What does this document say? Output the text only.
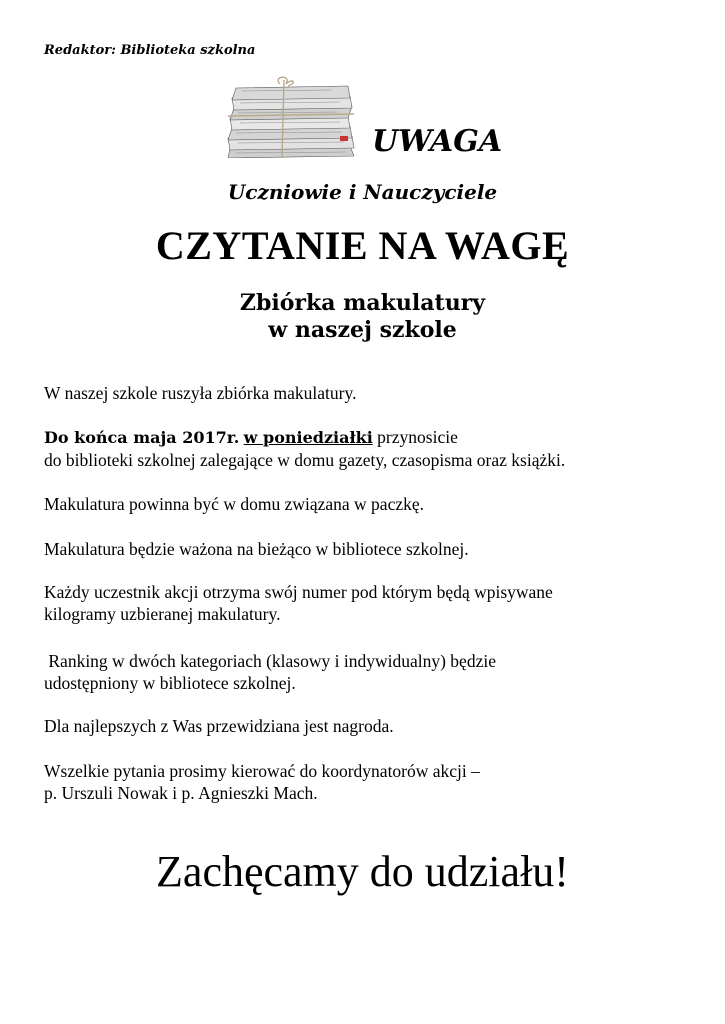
Redaktor: Biblioteka szkolna
UWAGA
Uczniowie i Nauczyciele
CZYTANIE NA WAGĘ
Zbiórka makulatury
w naszej szkole
W naszej szkole ruszyła zbiórka makulatury.
Do końca maja 2017r. w poniedziałki przynosicie
do biblioteki szkolnej zalegające w domu gazety, czasopisma oraz książki.
Makulatura powinna być w domu związana w paczkę.
Makulatura będzie ważona na bieżąco w bibliotece szkolnej.
Każdy uczestnik akcji otrzyma swój numer pod którym będą wpisywane
kilogramy uzbieranej makulatury.
Ranking w dwóch kategoriach (klasowy i indywidualny) będzie
udostępniony w bibliotece szkolnej.
Dla najlepszych z Was przewidziana jest nagroda.
Wszelkie pytania prosimy kierować do koordynatorów akcji –
p. Urszuli Nowak i p. Agnieszki Mach.
Zachęcamy do udziału!
